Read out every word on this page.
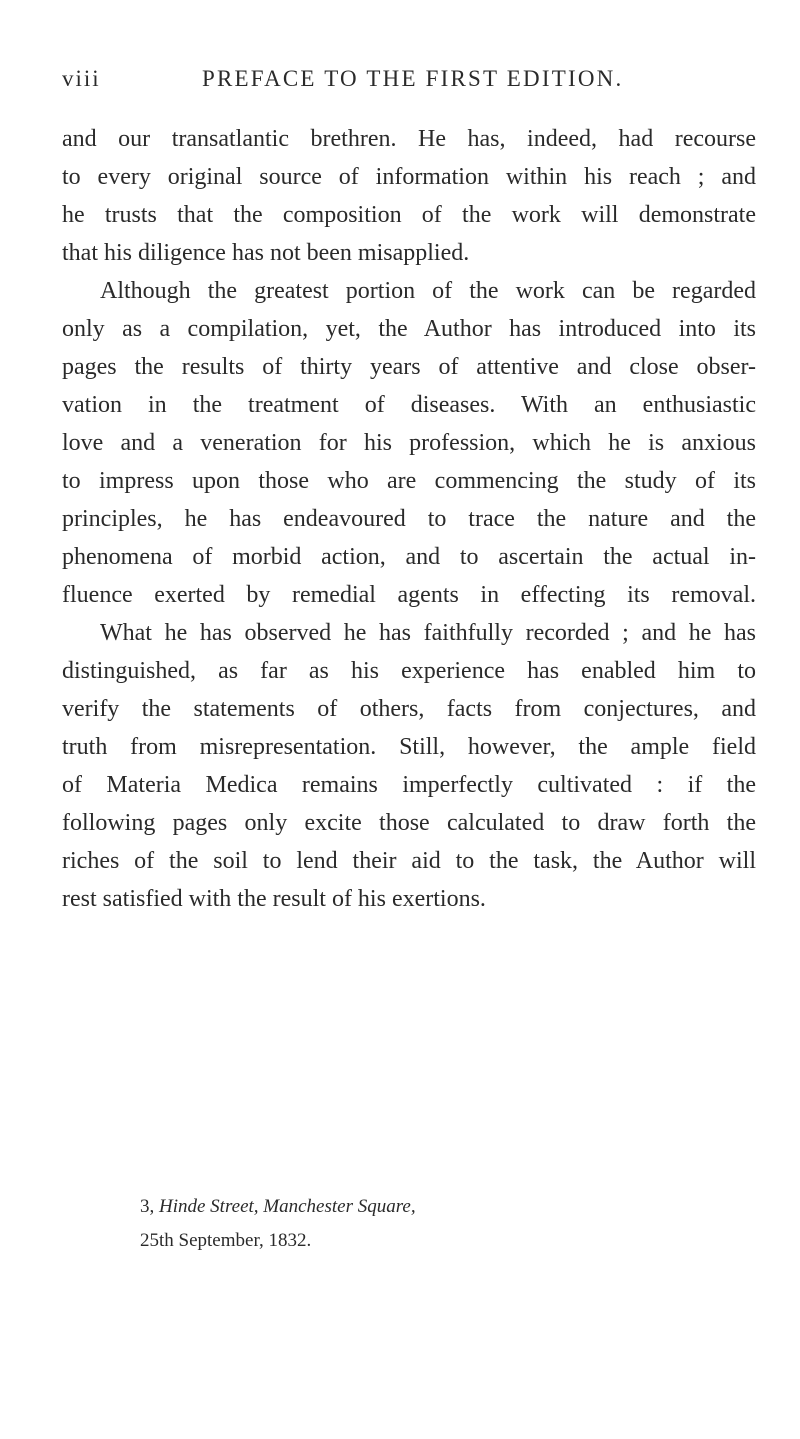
viii	PREFACE TO THE FIRST EDITION.
and our transatlantic brethren. He has, indeed, had recourse
to every original source of information within his reach ; and
he trusts that the composition of the work will demonstrate
that his diligence has not been misapplied.
Although the greatest portion of the work can be regarded
only as a compilation, yet, the Author has introduced into its
pages the results of thirty years of attentive and close obser-
vation in the treatment of diseases. With an enthusiastic
love and a veneration for his profession, which he is anxious
to impress upon those who are commencing the study of its
principles, he has endeavoured to trace the nature and the
phenomena of morbid action, and to ascertain the actual in-
fluence exerted by remedial agents in effecting its removal.
What he has observed he has faithfully recorded ; and he has
distinguished, as far as his experience has enabled him to
verify the statements of others, facts from conjectures, and
truth from misrepresentation. Still, however, the ample field
of Materia Medica remains imperfectly cultivated : if the
following pages only excite those calculated to draw forth the
riches of the soil to lend their aid to the task, the Author will
rest satisfied with the result of his exertions.
3, Hinde Street, Manchester Square,
25th September, 1832.
